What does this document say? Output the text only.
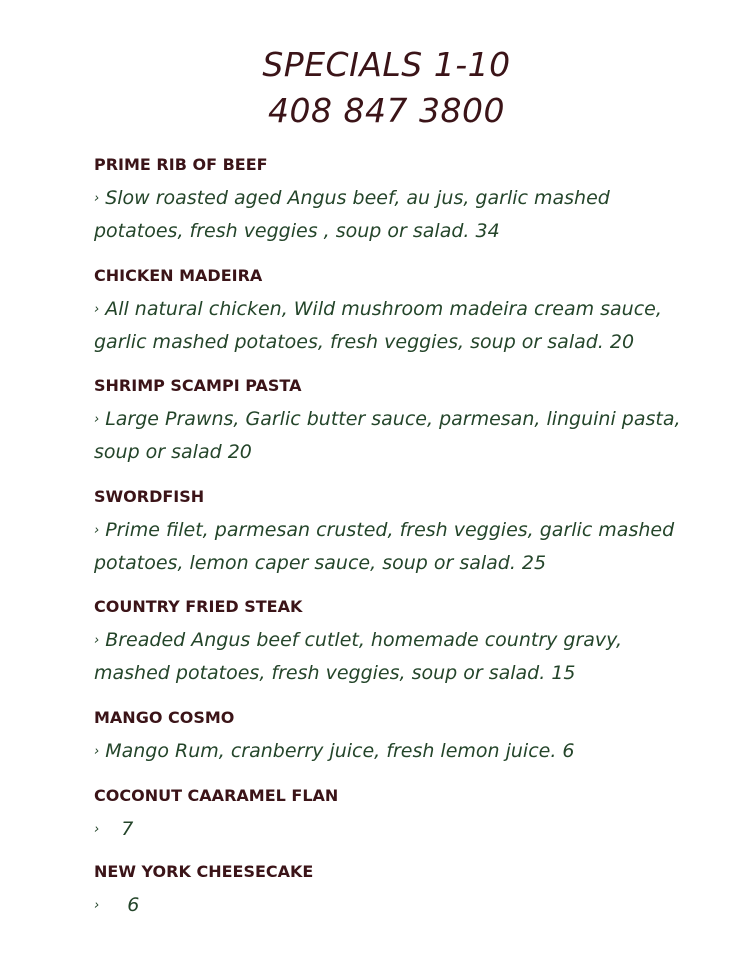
SPECIALS 1-10
408 847 3800
PRIME RIB OF BEEF
› Slow roasted aged Angus beef, au jus, garlic mashed
potatoes, fresh veggies , soup or salad. 34
CHICKEN MADEIRA
› All natural chicken, Wild mushroom madeira cream sauce,
garlic mashed potatoes, fresh veggies, soup or salad. 20
SHRIMP SCAMPI PASTA
› Large Prawns, Garlic butter sauce, parmesan, linguini pasta,
soup or salad 20
SWORDFISH
› Prime filet, parmesan crusted, fresh veggies, garlic mashed
potatoes, lemon caper sauce, soup or salad. 25
COUNTRY FRIED STEAK
› Breaded Angus beef cutlet, homemade country gravy,
mashed potatoes, fresh veggies, soup or salad. 15
MANGO COSMO
› Mango Rum, cranberry juice, fresh lemon juice. 6
COCONUT CAARAMEL FLAN
› 7
NEW YORK CHEESECAKE
› 6
